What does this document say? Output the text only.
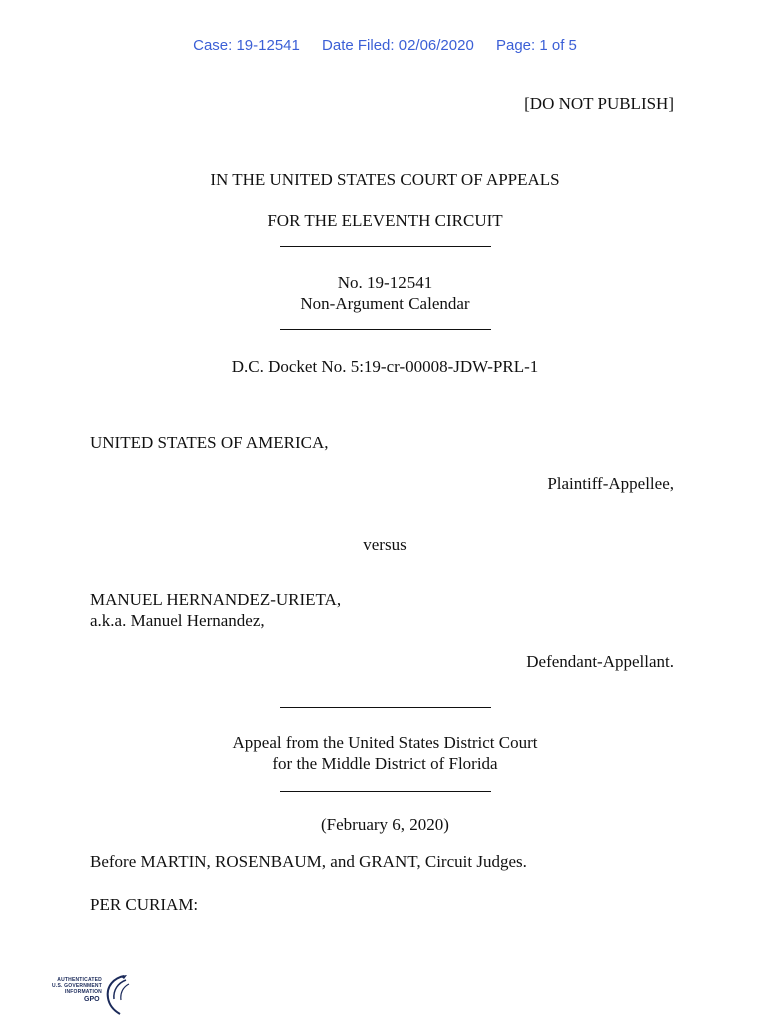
Case: 19-12541 Date Filed: 02/06/2020 Page: 1 of 5
[DO NOT PUBLISH]
IN THE UNITED STATES COURT OF APPEALS
FOR THE ELEVENTH CIRCUIT
No. 19-12541
Non-Argument Calendar
D.C. Docket No. 5:19-cr-00008-JDW-PRL-1
UNITED STATES OF AMERICA,
Plaintiff-Appellee,
versus
MANUEL HERNANDEZ-URIETA,
a.k.a. Manuel Hernandez,
Defendant-Appellant.
Appeal from the United States District Court
for the Middle District of Florida
(February 6, 2020)
Before MARTIN, ROSENBAUM, and GRANT, Circuit Judges.
PER CURIAM:
AUTHENTICATED
U.S. GOVERNMENT
INFORMATION
GPO
